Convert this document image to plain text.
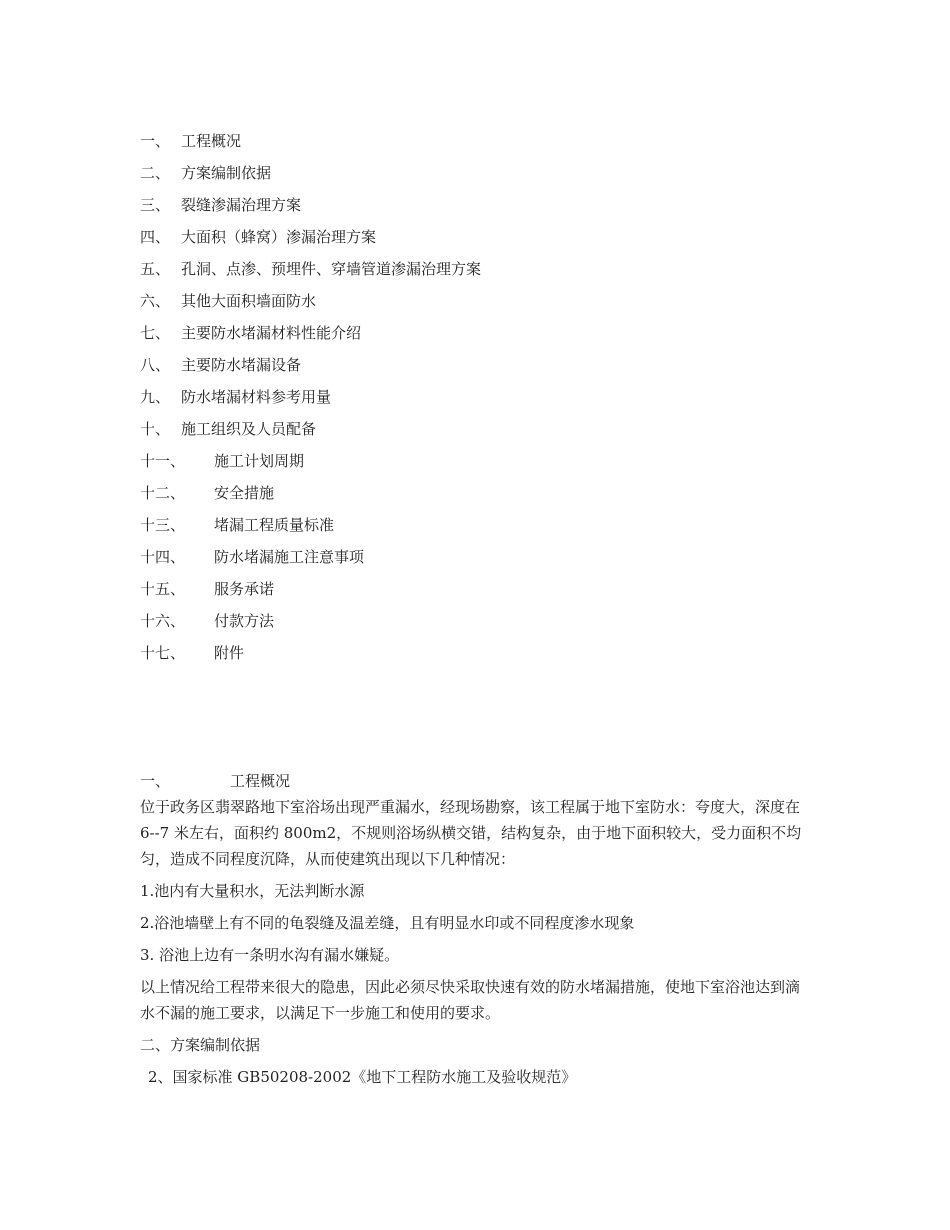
一、 工程概况
二、 方案编制依据
三、 裂缝渗漏治理方案
四、 大面积（蜂窝）渗漏治理方案
五、 孔洞、点渗、预埋件、穿墙管道渗漏治理方案
六、 其他大面积墙面防水
七、 主要防水堵漏材料性能介绍
八、 主要防水堵漏设备
九、 防水堵漏材料参考用量
十、 施工组织及人员配备
十一、	施工计划周期
十二、	安全措施
十三、	堵漏工程质量标准
十四、	防水堵漏施工注意事项
十五、	服务承诺
十六、	付款方法
十七、	附件
一、	工程概况

位于政务区翡翠路地下室浴场出现严重漏水，经现场勘察，该工程属于地下室防水：夸度大，深度在 6--7 米左右，面积约 800m2，不规则浴场纵横交错，结构复杂，由于地下面积较大，受力面积不均匀，造成不同程度沉降，从而使建筑出现以下几种情况：

1.池内有大量积水，无法判断水源

2.浴池墙壁上有不同的龟裂缝及温差缝，且有明显水印或不同程度渗水现象

3. 浴池上边有一条明水沟有漏水嫌疑。

以上情况给工程带来很大的隐患，因此必须尽快采取快速有效的防水堵漏措施，使地下室浴池达到滴水不漏的施工要求，以满足下一步施工和使用的要求。

二、方案编制依据

2、国家标准 GB50208-2002《地下工程防水施工及验收规范》
